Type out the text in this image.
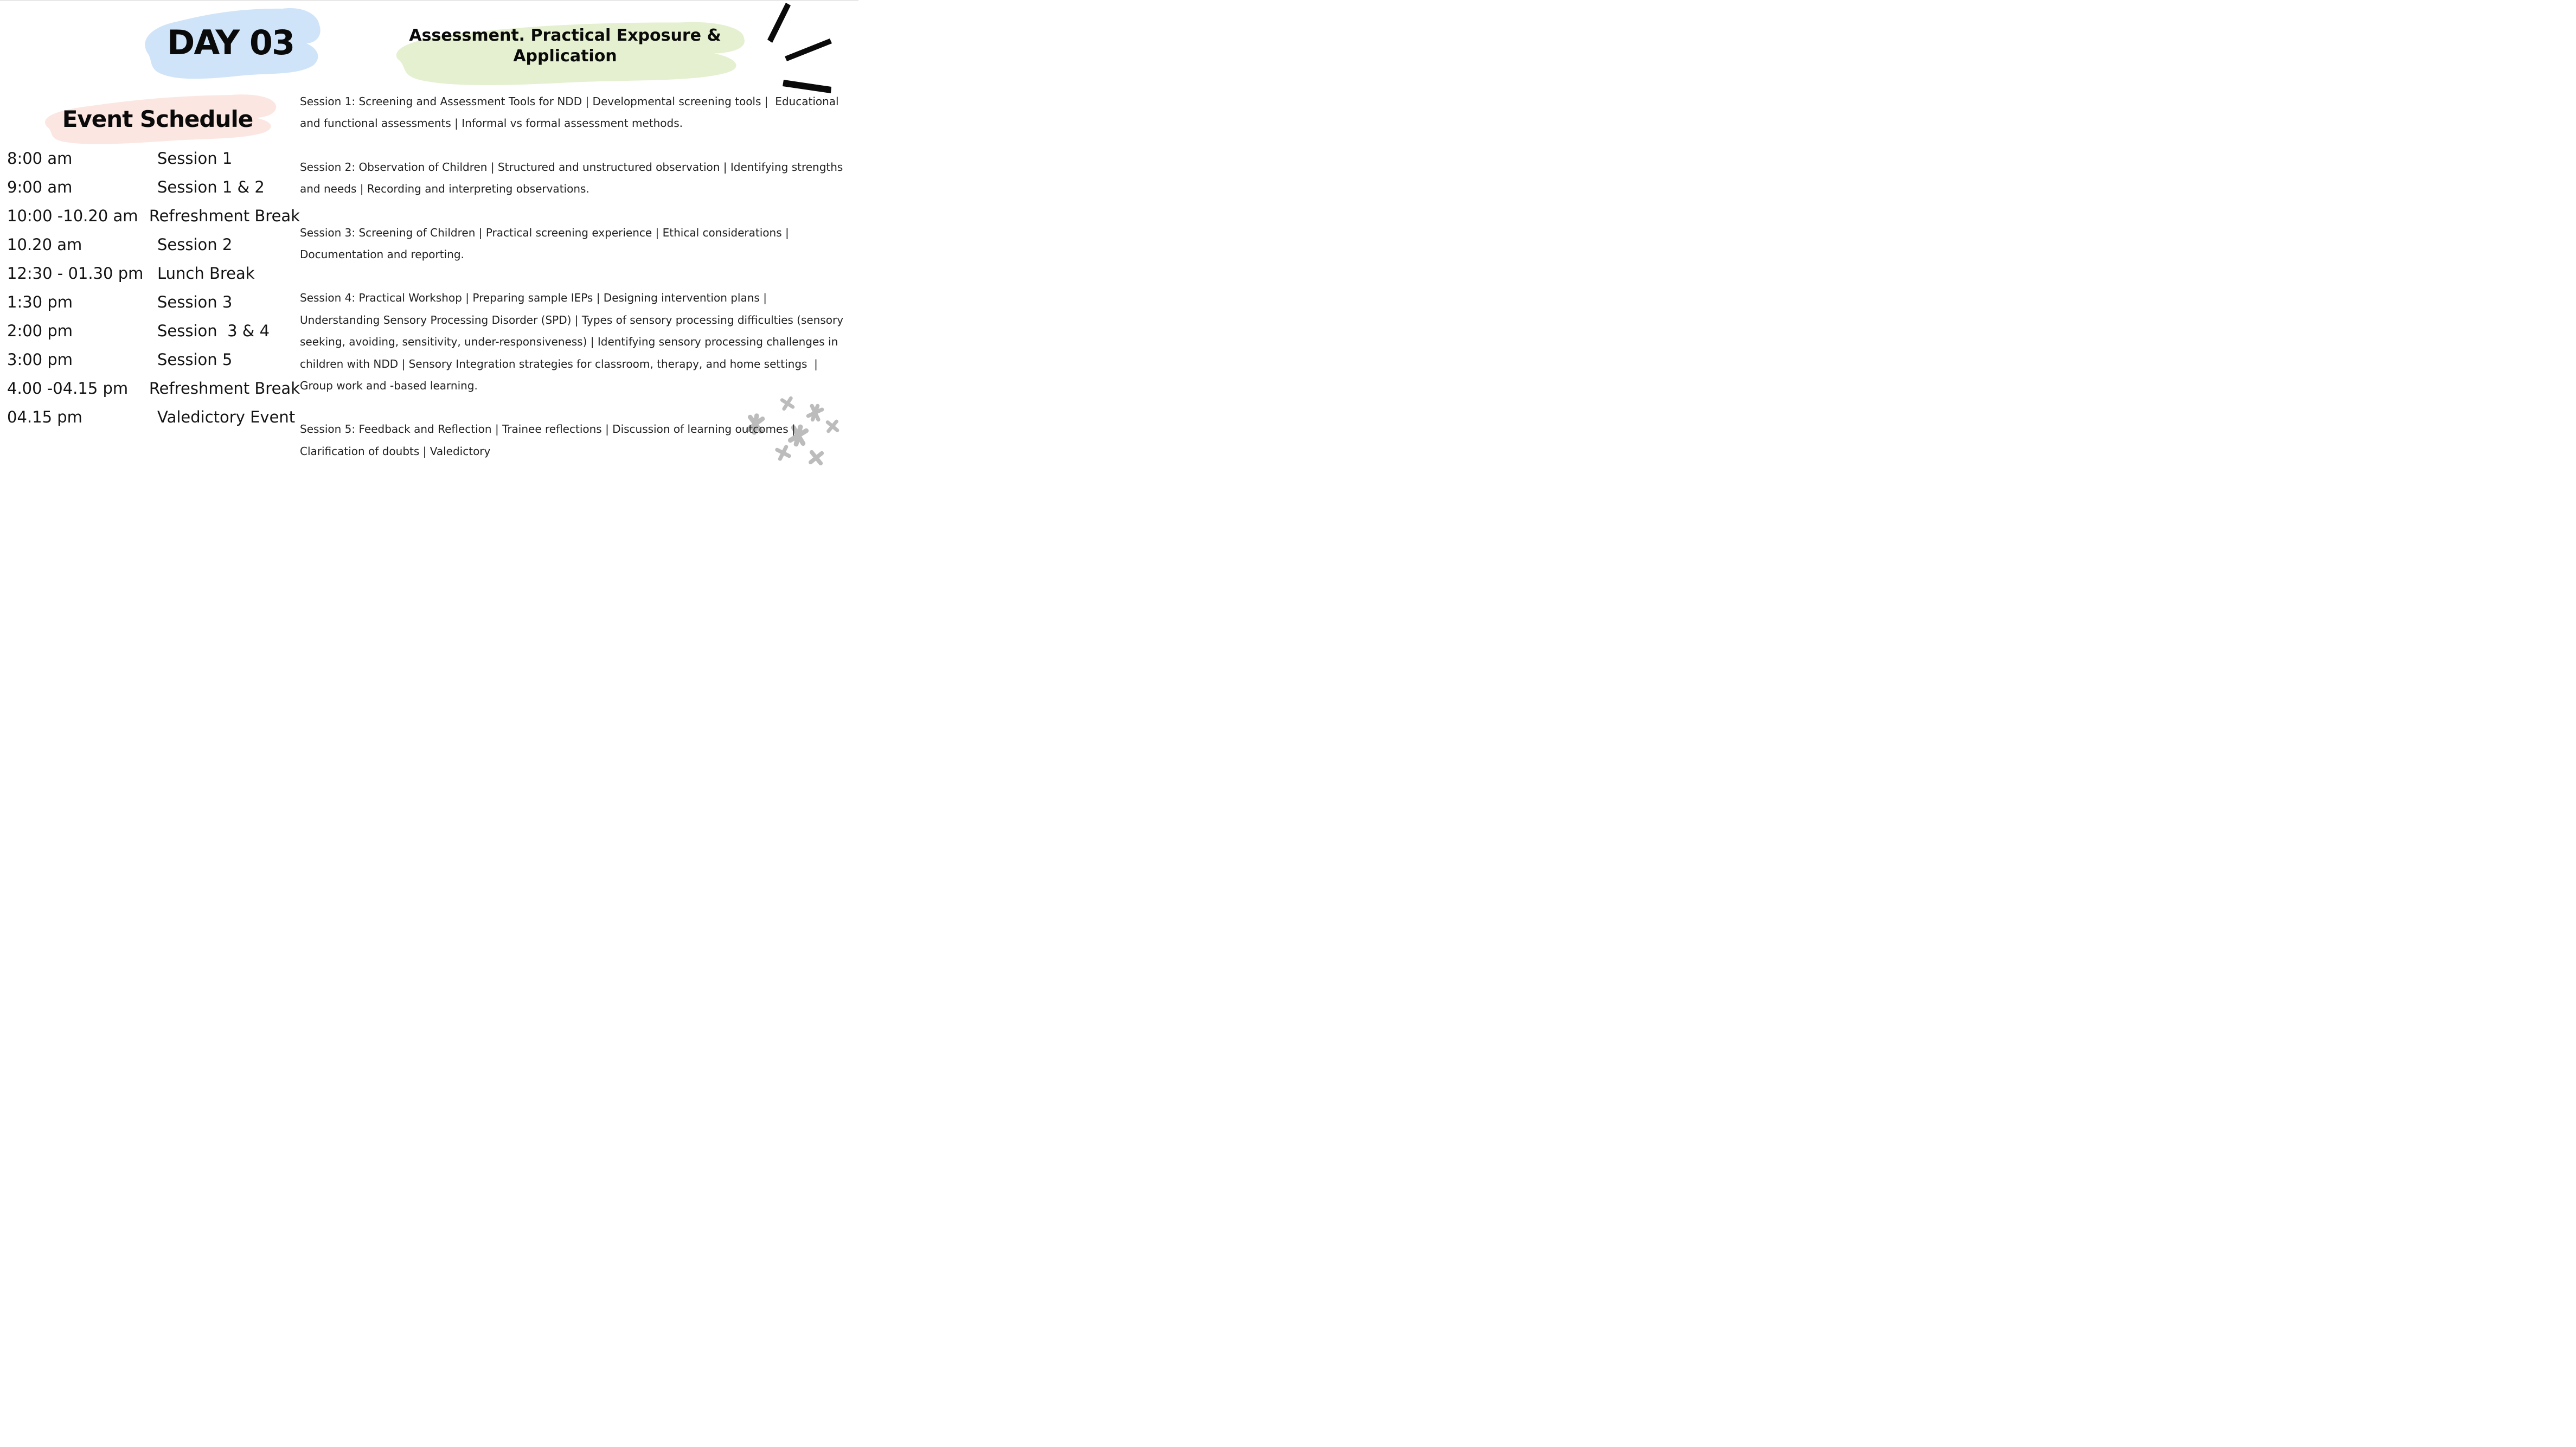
DAY 03	Assessment. Practical Exposure & Application
Event Schedule
8:00 am	Session 1
9:00 am	Session 1 & 2
10:00 -10.20 am Refreshment Break
10.20 am	Session 2
12:30 - 01.30 pm Lunch Break
1:30 pm	Session 3
2:00 pm	Session  3 & 4
3:00 pm	Session 5
4.00 -04.15 pm	Refreshment Break
04.15 pm	Valedictory Event

Session 1: Screening and Assessment Tools for NDD | Developmental screening tools |  Educational and functional assessments | Informal vs formal assessment methods.

Session 2: Observation of Children | Structured and unstructured observation | Identifying strengths and needs | Recording and interpreting observations.

Session 3: Screening of Children | Practical screening experience | Ethical considerations | Documentation and reporting.

Session 4: Practical Workshop | Preparing sample IEPs | Designing intervention plans | Understanding Sensory Processing Disorder (SPD) | Types of sensory processing difficulties (sensory seeking, avoiding, sensitivity, under-responsiveness) | Identifying sensory processing challenges in children with NDD | Sensory Integration strategies for classroom, therapy, and home settings  | Group work and -based learning.

Session 5: Feedback and Reflection | Trainee reflections | Discussion of learning outcomes | Clarification of doubts | Valedictory
